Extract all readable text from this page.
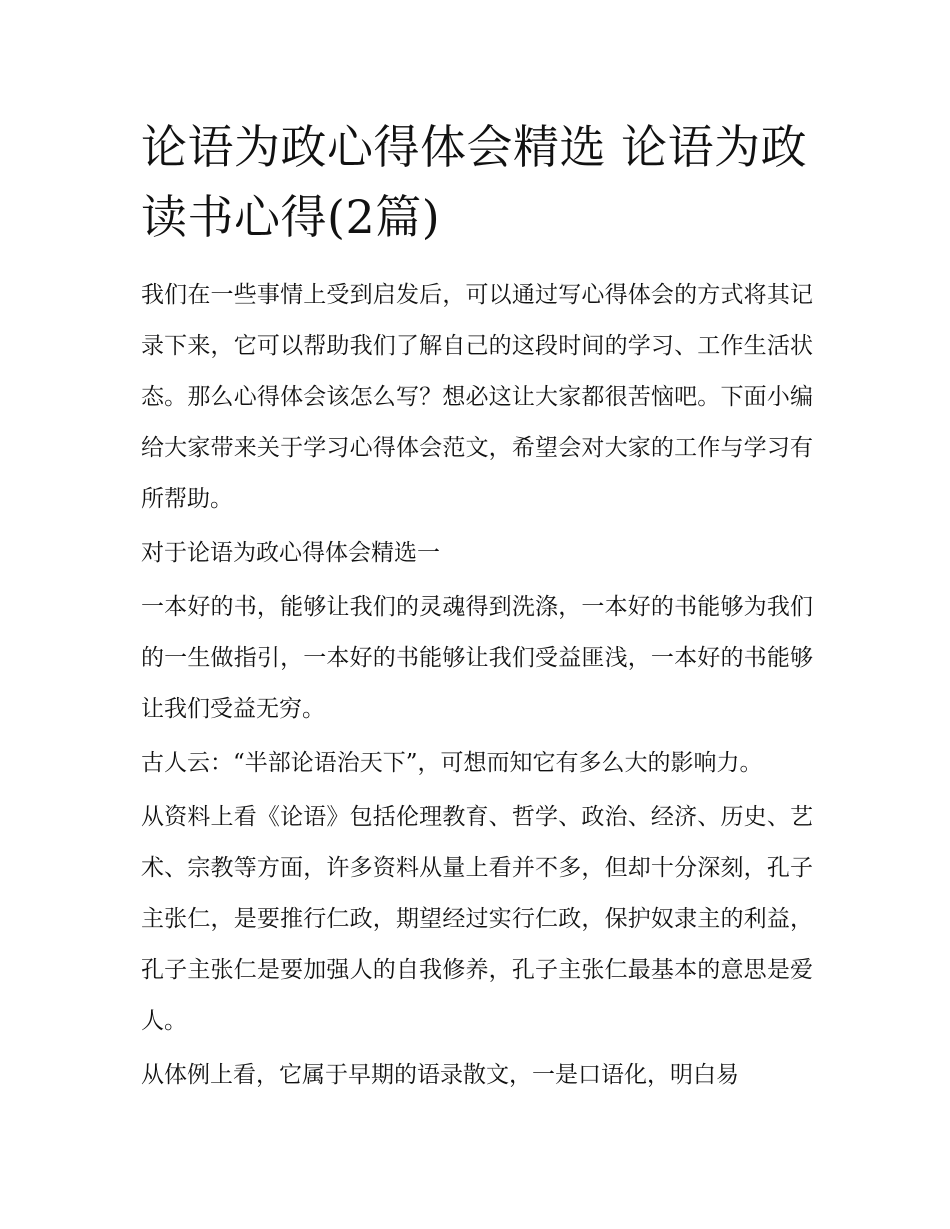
论语为政心得体会精选 论语为政读书心得(2篇)

我们在一些事情上受到启发后，可以通过写心得体会的方式将其记录下来，它可以帮助我们了解自己的这段时间的学习、工作生活状态。那么心得体会该怎么写？想必这让大家都很苦恼吧。下面小编给大家带来关于学习心得体会范文，希望会对大家的工作与学习有所帮助。

对于论语为政心得体会精选一

一本好的书，能够让我们的灵魂得到洗涤，一本好的书能够为我们的一生做指引，一本好的书能够让我们受益匪浅，一本好的书能够让我们受益无穷。

古人云：“半部论语治天下”，可想而知它有多么大的影响力。

从资料上看《论语》包括伦理教育、哲学、政治、经济、历史、艺术、宗教等方面，许多资料从量上看并不多，但却十分深刻，孔子主张仁，是要推行仁政，期望经过实行仁政，保护奴隶主的利益，孔子主张仁是要加强人的自我修养，孔子主张仁最基本的意思是爱人。

从体例上看，它属于早期的语录散文，一是口语化，明白易
